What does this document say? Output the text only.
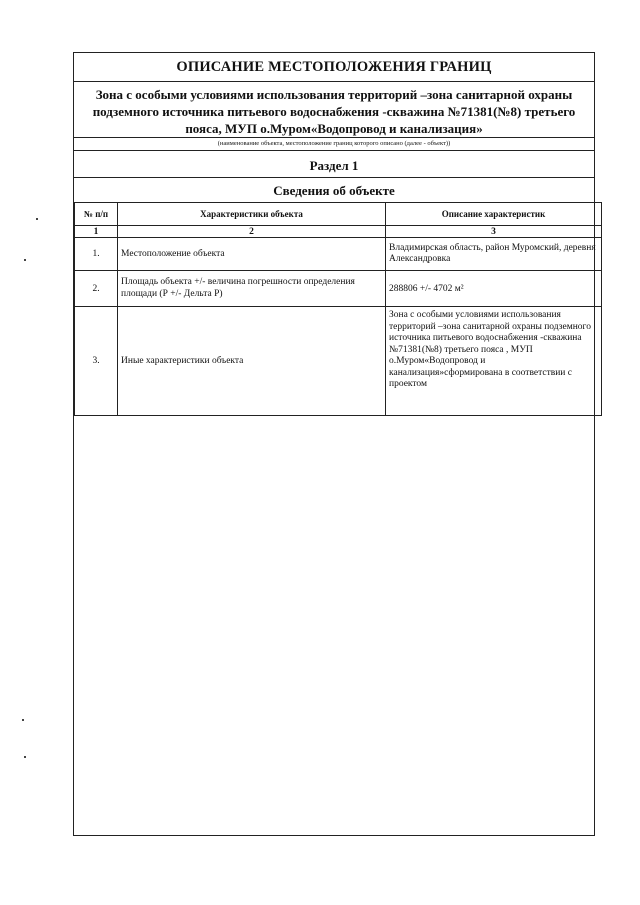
ОПИСАНИЕ МЕСТОПОЛОЖЕНИЯ ГРАНИЦ
Зона с особыми условиями использования территорий –зона санитарной охраны подземного источника питьевого водоснабжения -скважина №71381(№8) третьего пояса, МУП о.Муром«Водопровод и канализация»
(наименование объекта, местоположение границ которого описано (далее - объект))
Раздел 1
Сведения об объекте
№ п/п	Характеристики объекта	Описание характеристик
1	2	3
1.	Местоположение объекта	Владимирская область, район Муромский, деревня Александровка
2.	Площадь объекта +/- величина погрешности определения площади (Р +/- Дельта Р)	288806 +/- 4702 м²
3.	Иные характеристики объекта	Зона с особыми условиями использования территорий –зона санитарной охраны подземного источника питьевого водоснабжения -скважина №71381(№8) третьего пояса , МУП о.Муром«Водопровод и канализация»сформирована в соответствии с проектом
